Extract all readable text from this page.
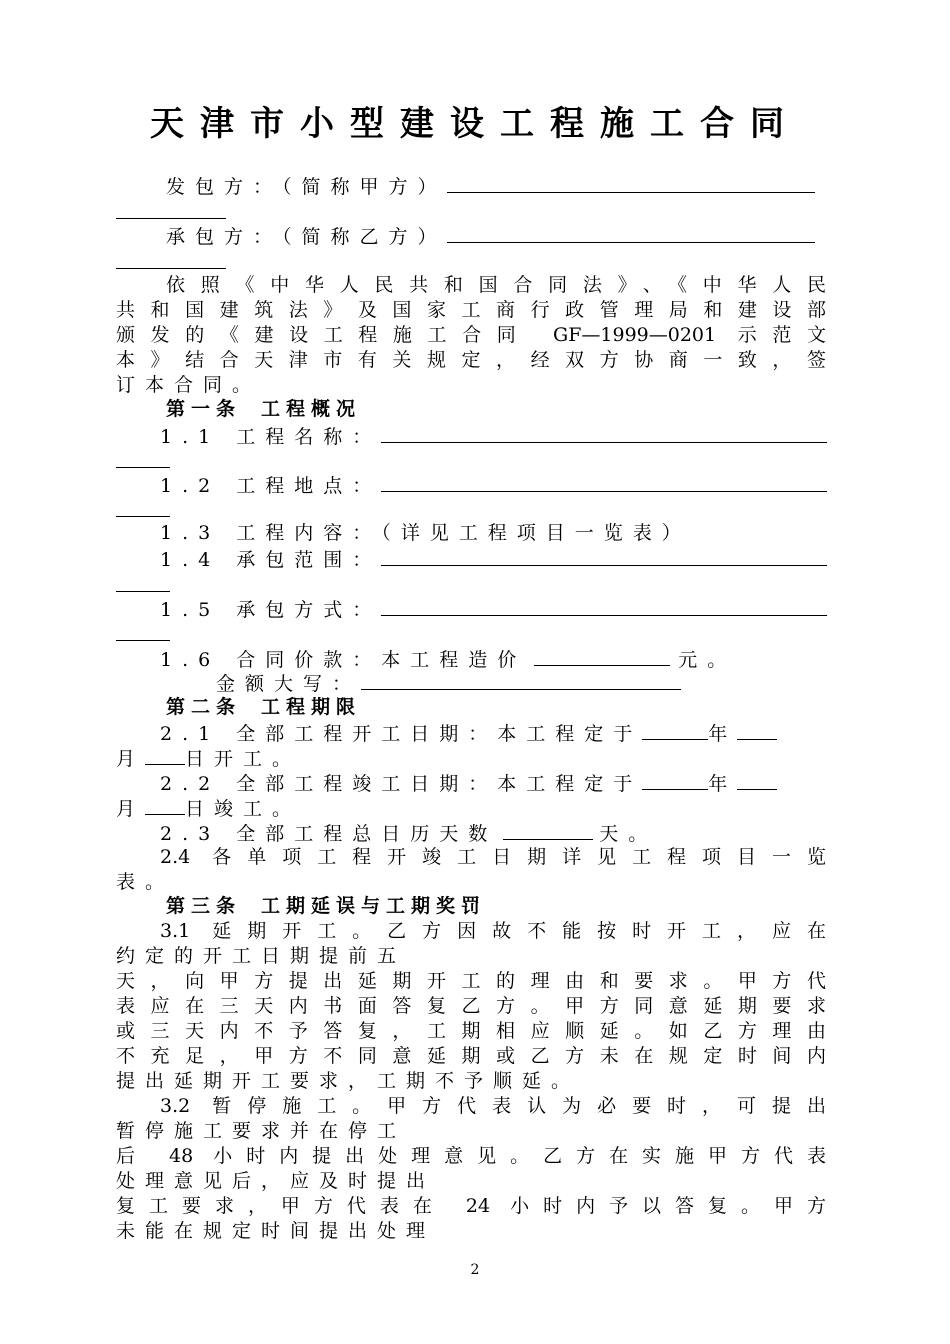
天津市小型建设工程施工合同
发包方：（简称甲方）
承包方：（简称乙方）
依照《中华人民共和国合同法》、《中华人民
共和国建筑法》及国家工商行政管理局和建设部
颁发的《建设工程施工合同 GF—1999—0201 示范文
本》结合天津市有关规定，经双方协商一致，签
订本合同。
第一条 工程概况
1.1 工程名称：
1.2 工程地点：
1.3 工程内容：（详见工程项目一览表）
1.4 承包范围：
1.5 承包方式：
1.6 合同价款：本工程造价	元。
金额大写：
第二条 工程期限
2.1 全部工程开工日期：本工程定于	年
月 日开工。
2.2 全部工程竣工日期：本工程定于	年
月 日竣工。
2.3 全部工程总日历天数	天。
2.4 各单项工程开竣工日期详见工程项目一览
表。
第三条 工期延误与工期奖罚
3.1 延期开工。乙方因故不能按时开工，应在
约定的开工日期提前五
天，向甲方提出延期开工的理由和要求。甲方代
表应在三天内书面答复乙方。甲方同意延期要求
或三天内不予答复，工期相应顺延。如乙方理由
不充足，甲方不同意延期或乙方未在规定时间内
提出延期开工要求，工期不予顺延。
3.2 暂停施工。甲方代表认为必要时，可提出
暂停施工要求并在停工
后 48 小时内提出处理意见。乙方在实施甲方代表
处理意见后，应及时提出
复工要求，甲方代表在 24 小时内予以答复。甲方
未能在规定时间提出处理
2
